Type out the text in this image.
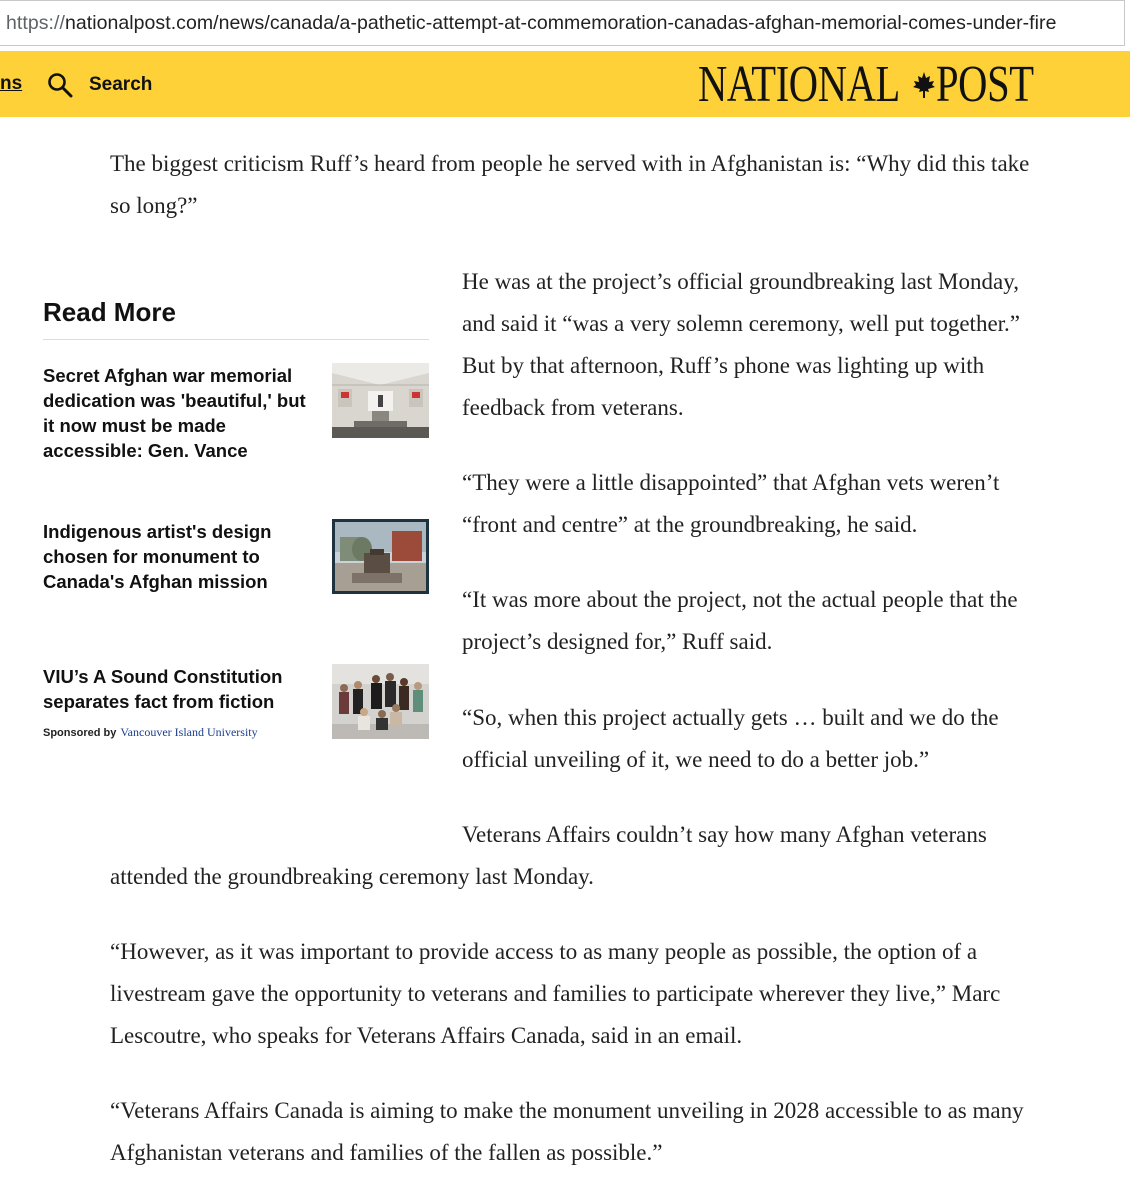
https://nationalpost.com/news/canada/a-pathetic-attempt-at-commemoration-canadas-afghan-memorial-comes-under-fire
ns	Search	NATIONAL POST

The biggest criticism Ruff’s heard from people he served with in Afghanistan is: “Why did this take so long?”

He was at the project’s official groundbreaking last Monday, and said it “was a very solemn ceremony, well put together.” But by that afternoon, Ruff’s phone was lighting up with feedback from veterans.

“They were a little disappointed” that Afghan vets weren’t “front and centre” at the groundbreaking, he said.

“It was more about the project, not the actual people that the project’s designed for,” Ruff said.

“So, when this project actually gets … built and we do the official unveiling of it, we need to do a better job.”

Veterans Affairs couldn’t say how many Afghan veterans
attended the groundbreaking ceremony last Monday.

“However, as it was important to provide access to as many people as possible, the option of a livestream gave the opportunity to veterans and families to participate wherever they live,” Marc Lescoutre, who speaks for Veterans Affairs Canada, said in an email.

“Veterans Affairs Canada is aiming to make the monument unveiling in 2028 accessible to as many Afghanistan veterans and families of the fallen as possible.”

Read More

Secret Afghan war memorial dedication was 'beautiful,' but it now must be made accessible: Gen. Vance

Indigenous artist's design chosen for monument to Canada's Afghan mission

VIU’s A Sound Constitution separates fact from fiction

Sponsored by Vancouver Island University
